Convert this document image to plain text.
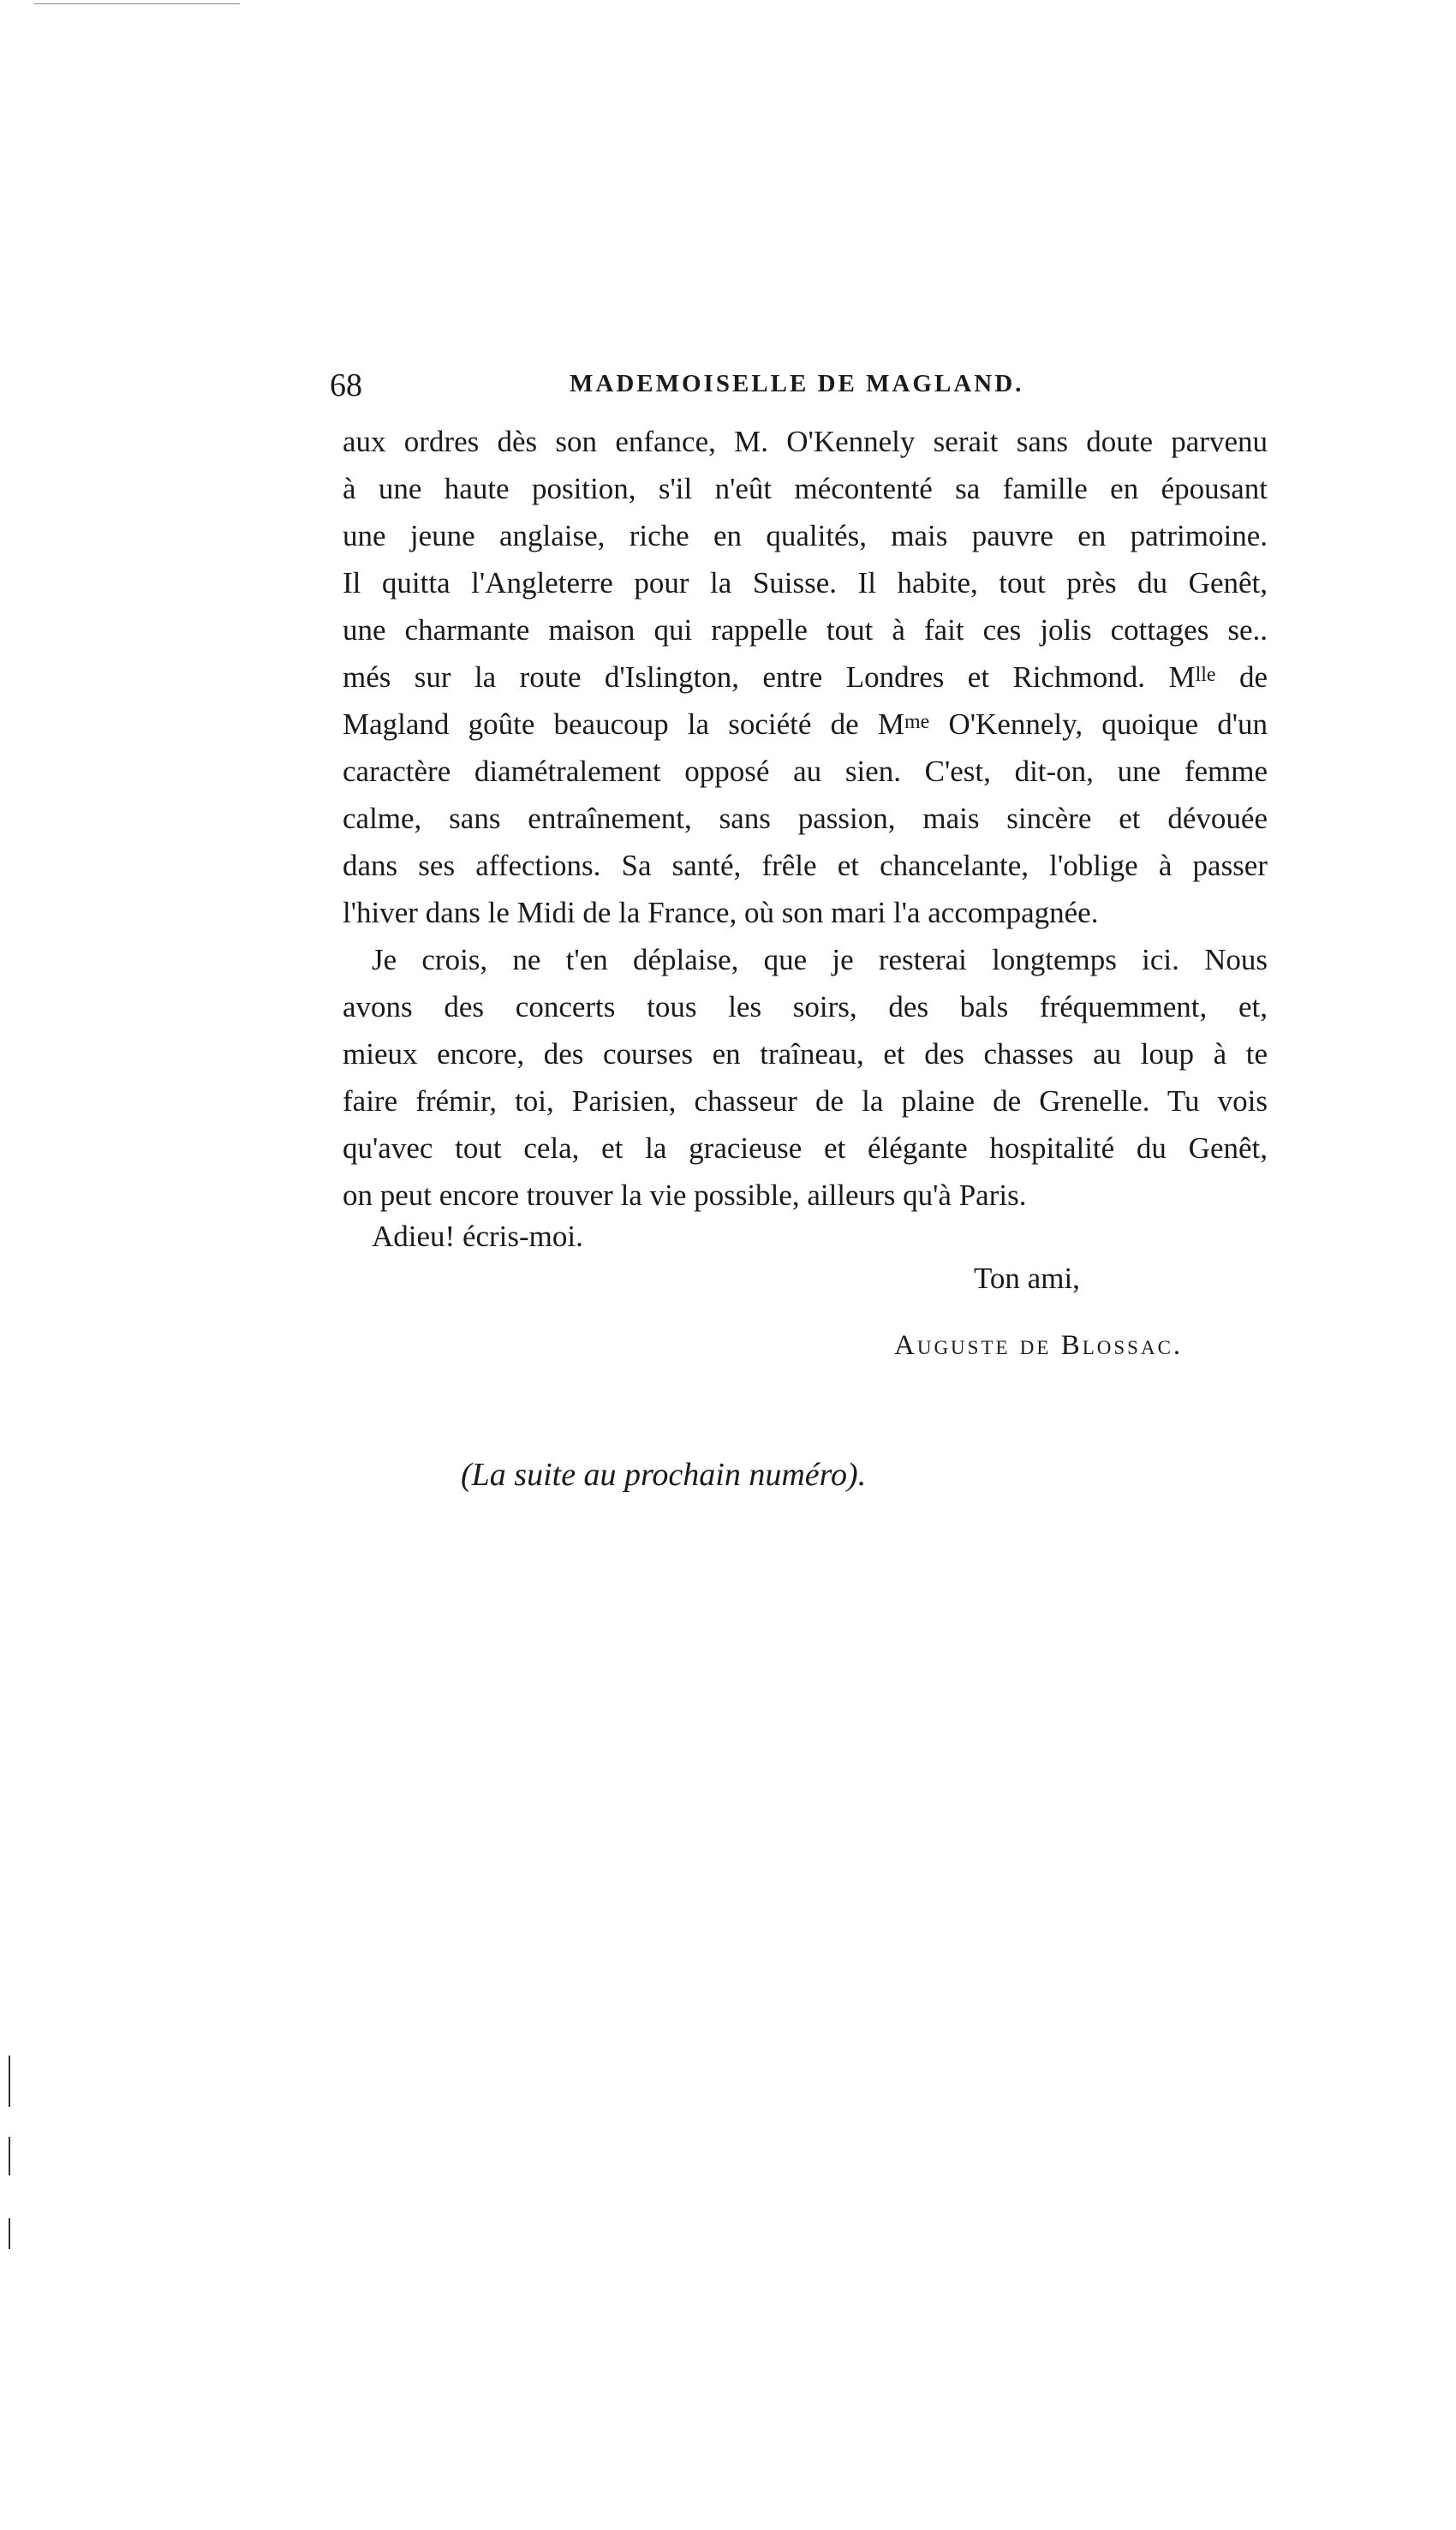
68	MADEMOISELLE DE MAGLAND.
aux ordres dès son enfance, M. O'Kennely serait sans doute parvenu
à une haute position, s'il n'eût mécontenté sa famille en épousant
une jeune anglaise, riche en qualités, mais pauvre en patrimoine.
Il quitta l'Angleterre pour la Suisse. Il habite, tout près du Genêt,
une charmante maison qui rappelle tout à fait ces jolis cottages se..
més sur la route d'Islington, entre Londres et Richmond. $M^{lle}$ de
Magland goûte beaucoup la société de $M^{me}$ O'Kennely, quoique d'un
caractère diamétralement opposé au sien. C'est, dit-on, une femme
calme, sans entraînement, sans passion, mais sincère et dévouée
dans ses affections. Sa santé, frêle et chancelante, l'oblige à passer
l'hiver dans le Midi de la France, où son mari l'a accompagnée.
Je crois, ne t'en déplaise, que je resterai longtemps ici. Nous
avons des concerts tous les soirs, des bals fréquemment, et,
mieux encore, des courses en traîneau, et des chasses au loup à te
faire frémir, toi, Parisien, chasseur de la plaine de Grenelle. Tu vois
qu'avec tout cela, et la gracieuse et élégante hospitalité du Genêt,
on peut encore trouver la vie possible, ailleurs qu'à Paris.
Adieu! écris-moi.
Ton ami,
Auguste de Blossac.
(La suite au prochain numéro).
